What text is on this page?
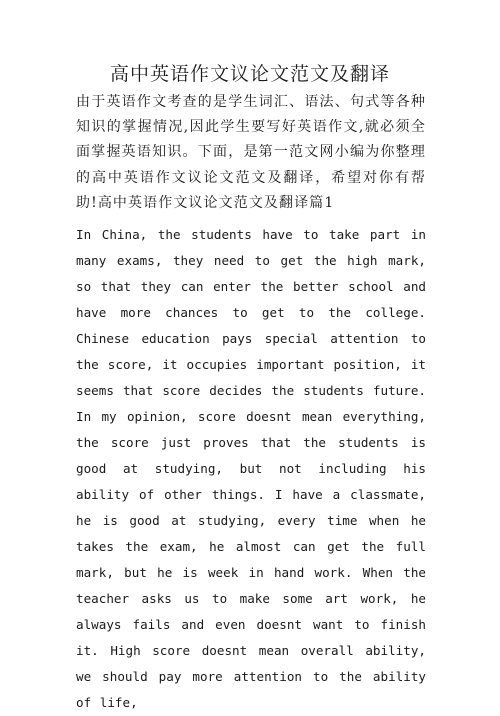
高中英语作文议论文范文及翻译

由于英语作文考查的是学生词汇、语法、句式等各种知识的掌握情况,因此学生要写好英语作文,就必须全面掌握英语知识。下面，是第一范文网小编为你整理的高中英语作文议论文范文及翻译，希望对你有帮助!高中英语作文议论文范文及翻译篇1

In China, the students have to take part in many exams, they need to get the high mark, so that they can enter the better school and have more chances to get to the college. Chinese education pays special attention to the score, it occupies important position, it seems that score decides the students future. In my opinion, score doesnt mean everything, the score just proves that the students is good at studying, but not including his ability of other things. I have a classmate, he is good at studying, every time when he takes the exam, he almost can get the full mark, but he is week in hand work. When the teacher asks us to make some art work, he always fails and even doesnt want to finish it. High score doesnt mean overall ability, we should pay more attention to the ability of life,
